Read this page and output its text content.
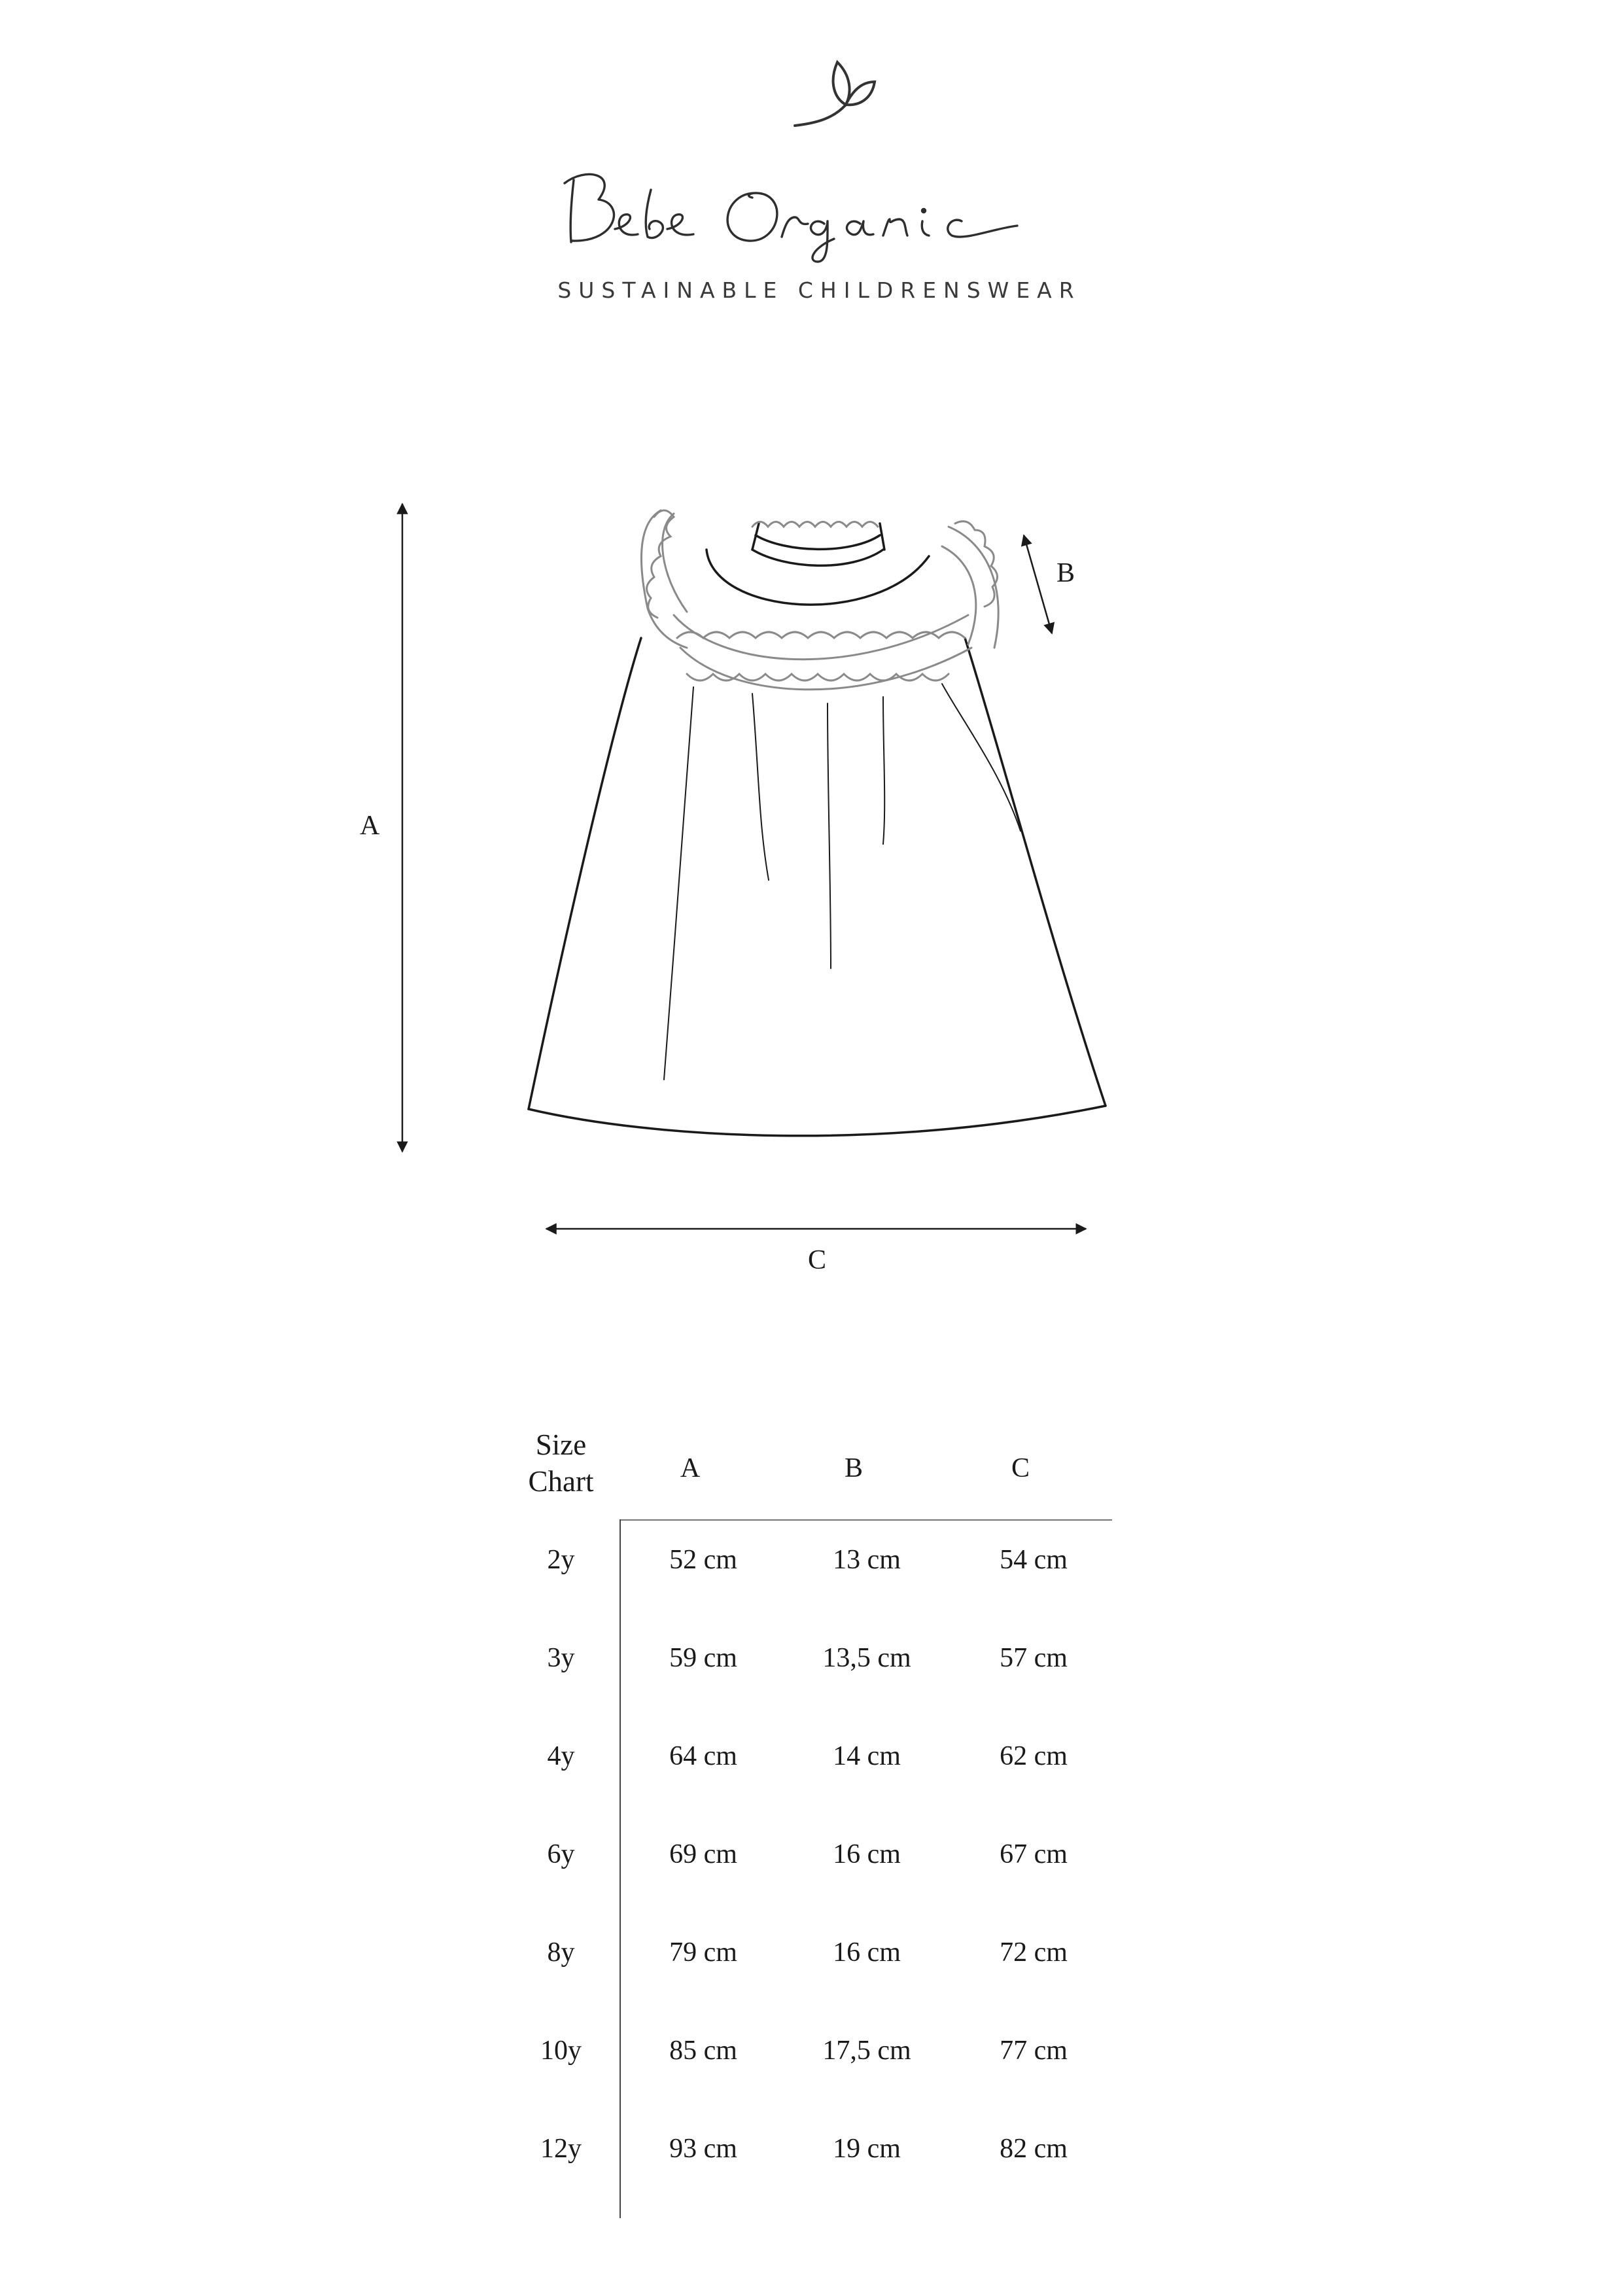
SUSTAINABLE CHILDRENSWEAR
A
B
C
Size
Chart	A	B	C
2y	52 cm	13 cm	54 cm
3y	59 cm	13,5 cm	57 cm
4y	64 cm	14 cm	62 cm
6y	69 cm	16 cm	67 cm
8y	79 cm	16 cm	72 cm
10y	85 cm	17,5 cm	77 cm
12y	93 cm	19 cm	82 cm
